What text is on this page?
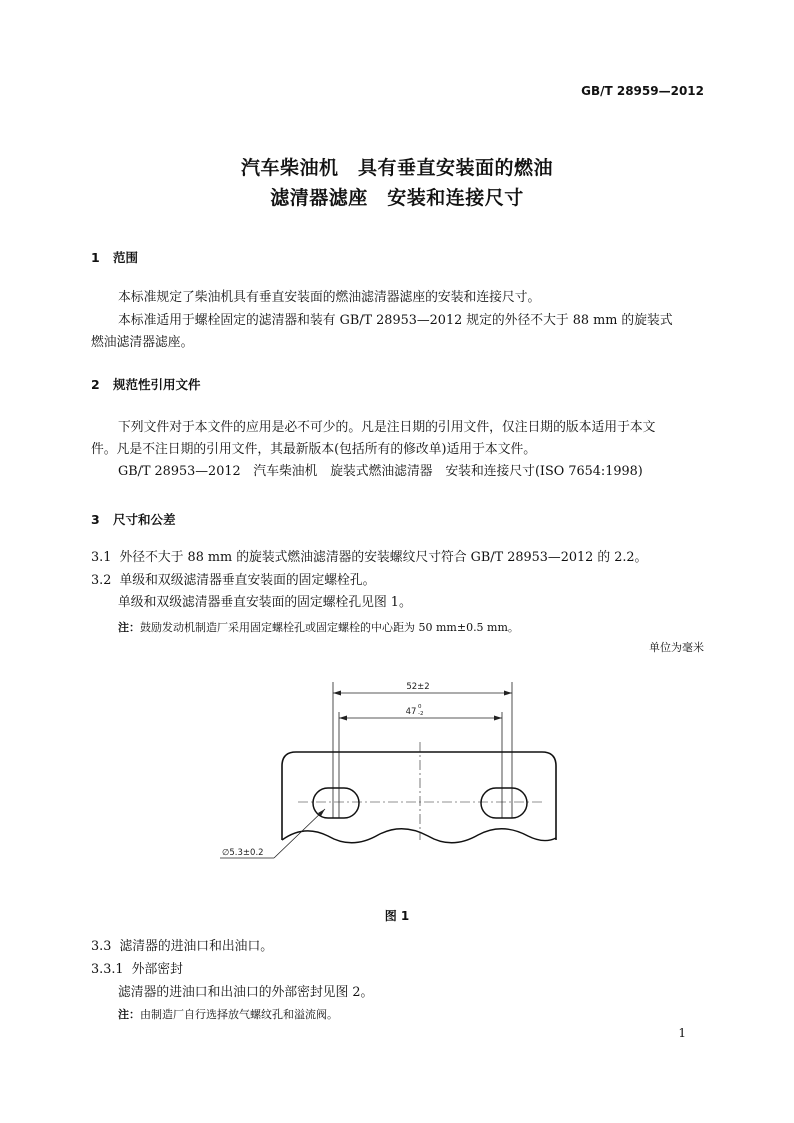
GB/T 28959—2012
汽车柴油机　具有垂直安装面的燃油
滤清器滤座　安装和连接尺寸
1 范围
本标准规定了柴油机具有垂直安装面的燃油滤清器滤座的安装和连接尺寸。
本标准适用于螺栓固定的滤清器和装有 GB/T 28953—2012 规定的外径不大于 88 mm 的旋装式
燃油滤清器滤座。
2 规范性引用文件
下列文件对于本文件的应用是必不可少的。凡是注日期的引用文件，仅注日期的版本适用于本文
件。凡是不注日期的引用文件，其最新版本(包括所有的修改单)适用于本文件。
GB/T 28953—2012　汽车柴油机　旋装式燃油滤清器　安装和连接尺寸(ISO 7654:1998)
3 尺寸和公差
3.1 外径不大于 88 mm 的旋装式燃油滤清器的安装螺纹尺寸符合 GB/T 28953—2012 的 2.2。
3.2 单级和双级滤清器垂直安装面的固定螺栓孔。
单级和双级滤清器垂直安装面的固定螺栓孔见图 1。
注：鼓励发动机制造厂采用固定螺栓孔或固定螺栓的中心距为 50 mm±0.5 mm。
单位为毫米
52±2
47 0
-2
∅5.3±0.2
图 1
3.3 滤清器的进油口和出油口。
3.3.1 外部密封
滤清器的进油口和出油口的外部密封见图 2。
注：由制造厂自行选择放气螺纹孔和溢流阀。
1
